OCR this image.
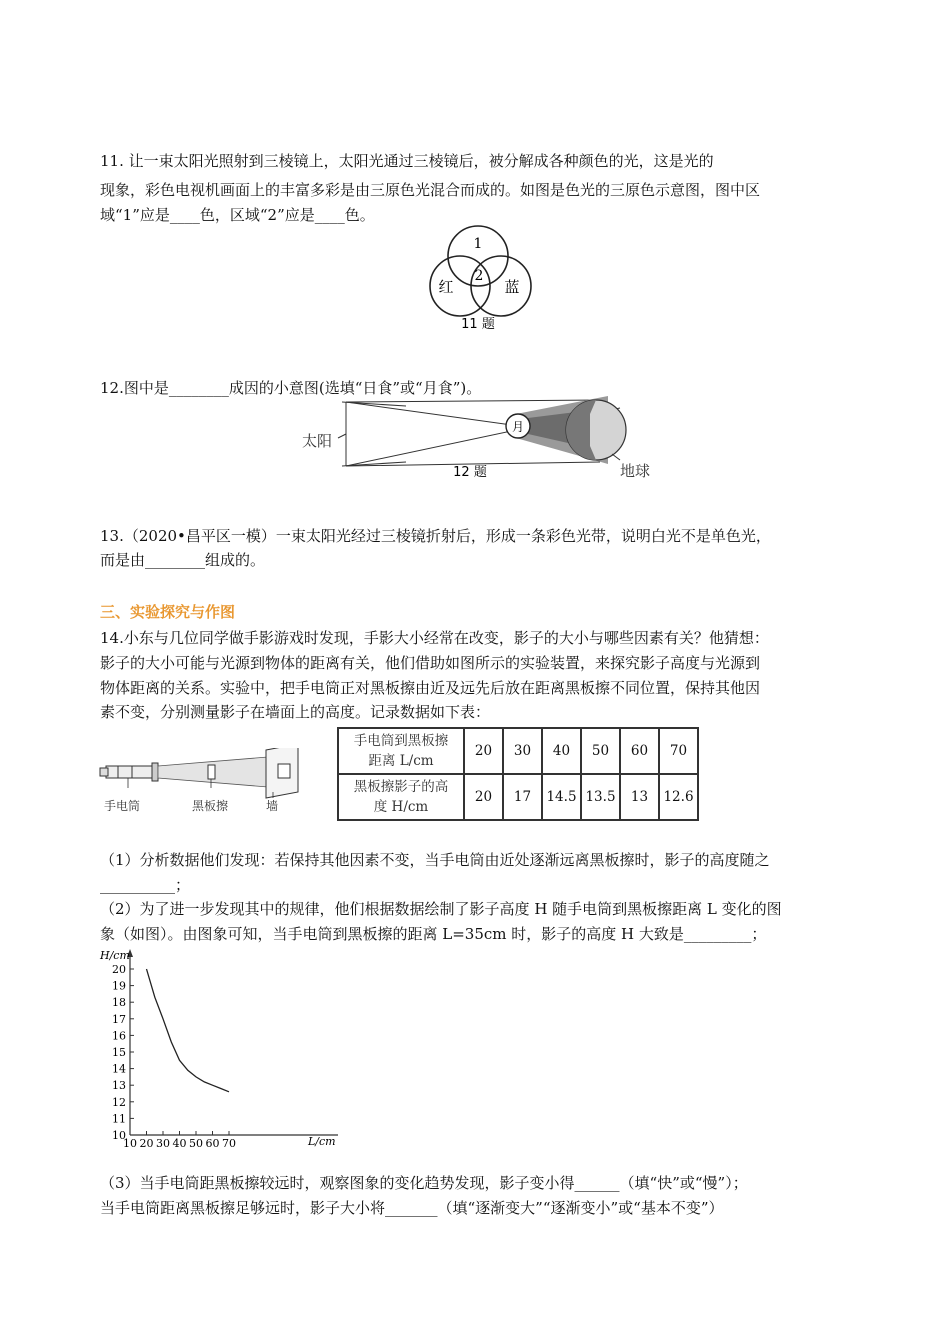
11. 让一束太阳光照射到三棱镜上，太阳光通过三棱镜后，被分解成各种颜色的光，这是光的
现象，彩色电视机画面上的丰富多彩是由三原色光混合而成的。如图是色光的三原色示意图，图中区
域“1”应是____色，区域“2”应是____色。
1
2
红	蓝
11 题
12.图中是________成因的小意图(选填“日食”或“月食”)。
月
太阳
12 题	地球
13.（2020•昌平区一模）一束太阳光经过三棱镜折射后，形成一条彩色光带，说明白光不是单色光，
而是由________组成的。
三、实验探究与作图
14.小东与几位同学做手影游戏时发现，手影大小经常在改变，影子的大小与哪些因素有关？他猜想：
影子的大小可能与光源到物体的距离有关，他们借助如图所示的实验装置，来探究影子高度与光源到
物体距离的关系。实验中，把手电筒正对黑板擦由近及远先后放在距离黑板擦不同位置，保持其他因
素不变，分别测量影子在墙面上的高度。记录数据如下表：
手电筒	黑板擦	墙
手电筒到黑板擦
距离 L/cm	20	30	40	50	60	70

黑板擦影子的高
度 H/cm	20	17	14.5	13.5	13	12.6
（1）分析数据他们发现：若保持其他因素不变，当手电筒由近处逐渐远离黑板擦时，影子的高度随之
__________；
（2）为了进一步发现其中的规律，他们根据数据绘制了影子高度 H 随手电筒到黑板擦距离 L 变化的图
象（如图）。由图象可知，当手电筒到黑板擦的距离 L=35cm 时，影子的高度 H 大致是_________；
10
11
12
13
14
15
16
17
18
19
20
10 20 30 40 50 60 70
H/cm
L/cm
（3）当手电筒距黑板擦较远时，观察图象的变化趋势发现，影子变小得______（填“快”或“慢”）；
当手电筒距离黑板擦足够远时，影子大小将_______（填“逐渐变大”“逐渐变小”或“基本不变”）
